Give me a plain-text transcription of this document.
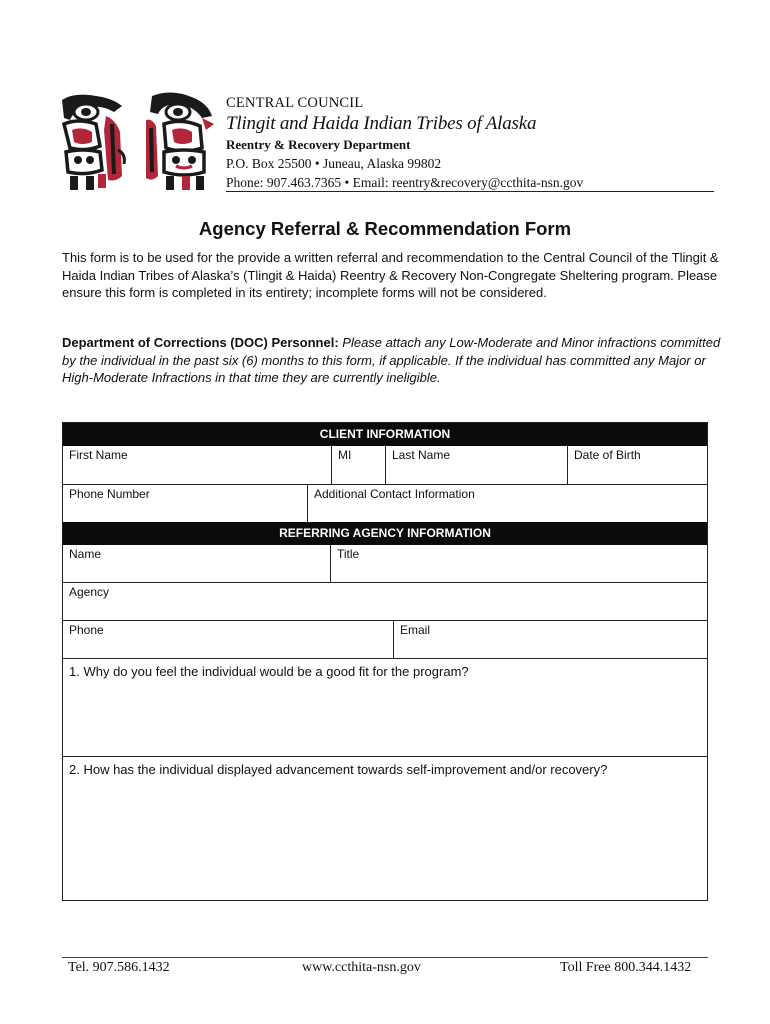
CENTRAL COUNCIL
Tlingit and Haida Indian Tribes of Alaska
Reentry & Recovery Department
P.O. Box 25500 • Juneau, Alaska 99802
Phone: 907.463.7365 • Email: reentry&recovery@ccthita-nsn.gov
Agency Referral & Recommendation Form
This form is to be used for the provide a written referral and recommendation to the Central Council of the Tlingit & Haida Indian Tribes of Alaska’s (Tlingit & Haida) Reentry & Recovery Non-Congregate Sheltering program. Please ensure this form is completed in its entirety; incomplete forms will not be considered.
Department of Corrections (DOC) Personnel: Please attach any Low-Moderate and Minor infractions committed by the individual in the past six (6) months to this form, if applicable. If the individual has committed any Major or High-Moderate Infractions in that time they are currently ineligible.
CLIENT INFORMATION
First Name	MI	Last Name	Date of Birth
Phone Number	Additional Contact Information
REFERRING AGENCY INFORMATION
Name	Title
Agency
Phone	Email
1. Why do you feel the individual would be a good fit for the program?
2. How has the individual displayed advancement towards self-improvement and/or recovery?
Tel. 907.586.1432	www.ccthita-nsn.gov	Toll Free 800.344.1432
